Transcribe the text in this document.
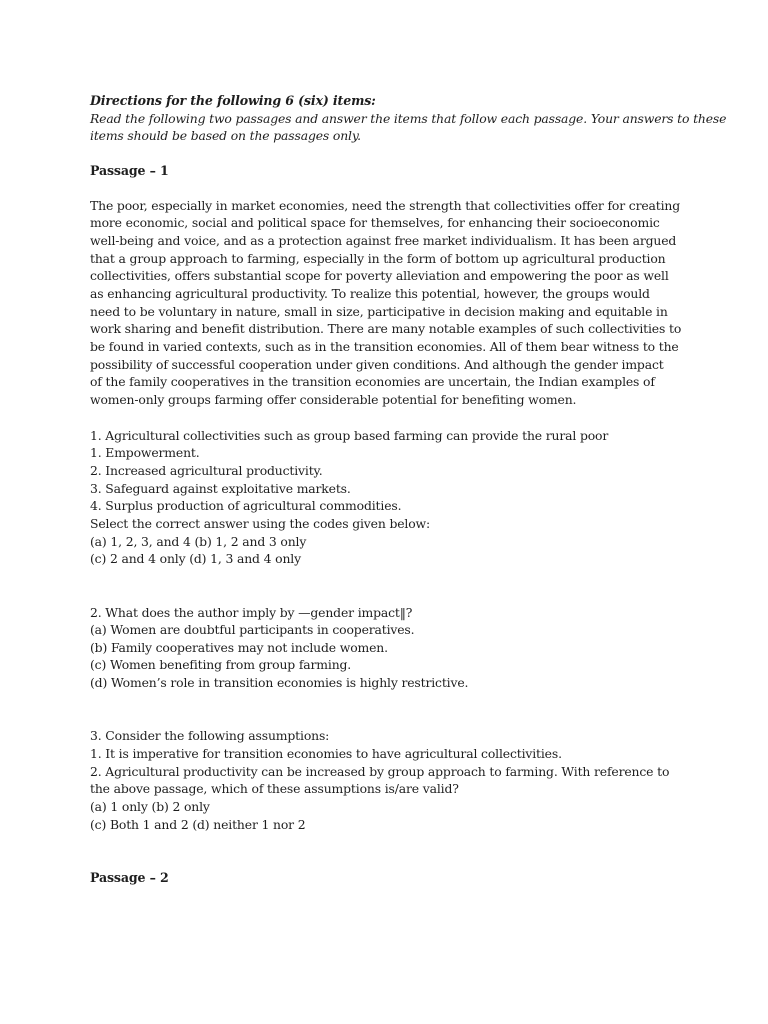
Directions for the following 6 (six) items:
Read the following two passages and answer the items that follow each passage. Your answers to these
items should be based on the passages only.
Passage – 1
The poor, especially in market economies, need the strength that collectivities offer for creating
more economic, social and political space for themselves, for enhancing their socioeconomic
well-being and voice, and as a protection against free market individualism. It has been argued
that a group approach to farming, especially in the form of bottom up agricultural production
collectivities, offers substantial scope for poverty alleviation and empowering the poor as well
as enhancing agricultural productivity. To realize this potential, however, the groups would
need to be voluntary in nature, small in size, participative in decision making and equitable in
work sharing and benefit distribution. There are many notable examples of such collectivities to
be found in varied contexts, such as in the transition economies. All of them bear witness to the
possibility of successful cooperation under given conditions. And although the gender impact
of the family cooperatives in the transition economies are uncertain, the Indian examples of
women-only groups farming offer considerable potential for benefiting women.
1. Agricultural collectivities such as group based farming can provide the rural poor
1. Empowerment.
2. Increased agricultural productivity.
3. Safeguard against exploitative markets.
4. Surplus production of agricultural commodities.
Select the correct answer using the codes given below:
(a) 1, 2, 3, and 4 (b) 1, 2 and 3 only
(c) 2 and 4 only (d) 1, 3 and 4 only
2. What does the author imply by —gender impact‖?
(a) Women are doubtful participants in cooperatives.
(b) Family cooperatives may not include women.
(c) Women benefiting from group farming.
(d) Women’s role in transition economies is highly restrictive.
3. Consider the following assumptions:
1. It is imperative for transition economies to have agricultural collectivities.
2. Agricultural productivity can be increased by group approach to farming. With reference to
the above passage, which of these assumptions is/are valid?
(a) 1 only (b) 2 only
(c) Both 1 and 2 (d) neither 1 nor 2
Passage – 2
